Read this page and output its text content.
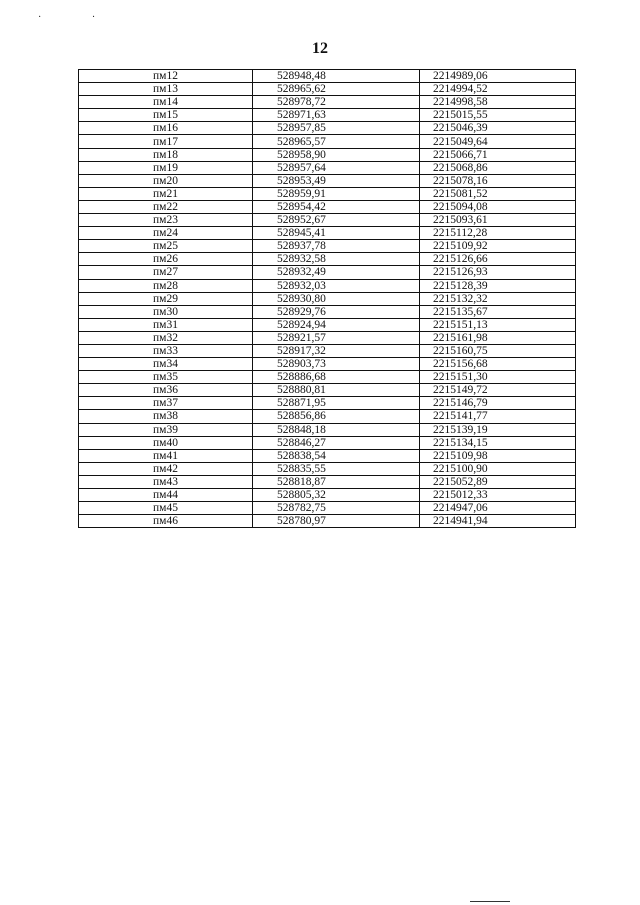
· ·
12
пм12	528948,48	2214989,06
пм13	528965,62	2214994,52
пм14	528978,72	2214998,58
пм15	528971,63	2215015,55
пм16	528957,85	2215046,39
пм17	528965,57	2215049,64
пм18	528958,90	2215066,71
пм19	528957,64	2215068,86
пм20	528953,49	2215078,16
пм21	528959,91	2215081,52
пм22	528954,42	2215094,08
пм23	528952,67	2215093,61
пм24	528945,41	2215112,28
пм25	528937,78	2215109,92
пм26	528932,58	2215126,66
пм27	528932,49	2215126,93
пм28	528932,03	2215128,39
пм29	528930,80	2215132,32
пм30	528929,76	2215135,67
пм31	528924,94	2215151,13
пм32	528921,57	2215161,98
пм33	528917,32	2215160,75
пм34	528903,73	2215156,68
пм35	528886,68	2215151,30
пм36	528880,81	2215149,72
пм37	528871,95	2215146,79
пм38	528856,86	2215141,77
пм39	528848,18	2215139,19
пм40	528846,27	2215134,15
пм41	528838,54	2215109,98
пм42	528835,55	2215100,90
пм43	528818,87	2215052,89
пм44	528805,32	2215012,33
пм45	528782,75	2214947,06
пм46	528780,97	2214941,94
